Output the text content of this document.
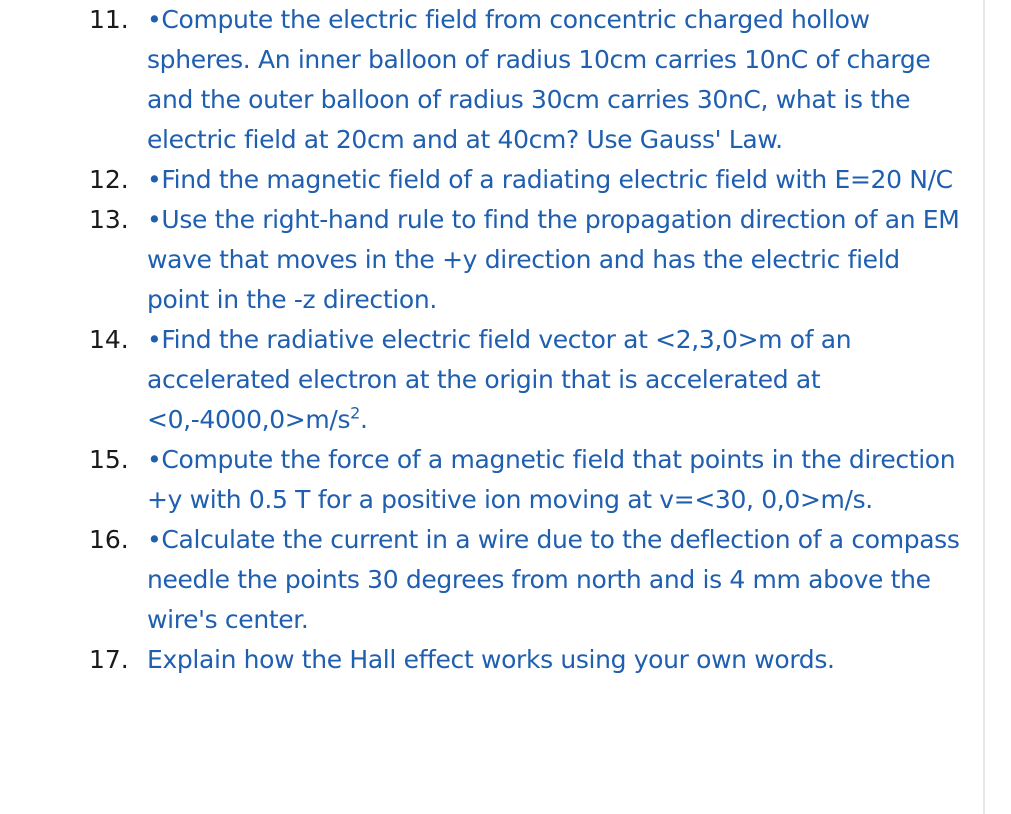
11. •Compute the electric field from concentric charged hollow spheres. An inner balloon of radius 10cm carries 10nC of charge and the outer balloon of radius 30cm carries 30nC, what is the electric field at 20cm and at 40cm? Use Gauss' Law.
12. •Find the magnetic field of a radiating electric field with E=20 N/C
13. •Use the right-hand rule to find the propagation direction of an EM wave that moves in the +y direction and has the electric field point in the -z direction.
14. •Find the radiative electric field vector at <2,3,0>m of an accelerated electron at the origin that is accelerated at $<0,-4000,0>m/s^2$.
15. •Compute the force of a magnetic field that points in the direction +y with 0.5 T for a positive ion moving at v=<30, 0,0>m/s.
16. •Calculate the current in a wire due to the deflection of a compass needle the points 30 degrees from north and is 4 mm above the wire's center.
17. Explain how the Hall effect works using your own words.
